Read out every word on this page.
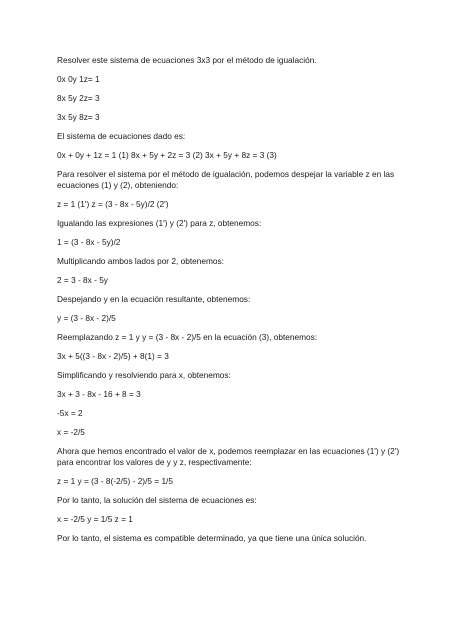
Resolver este sistema de ecuaciones 3x3 por el método de igualación.

0x 0y 1z= 1

8x 5y 2z= 3

3x 5y 8z= 3

El sistema de ecuaciones dado es:

0x + 0y + 1z = 1 (1) 8x + 5y + 2z = 3 (2) 3x + 5y + 8z = 3 (3)

Para resolver el sistema por el método de igualación, podemos despejar la variable z en las ecuaciones (1) y (2), obteniendo:

z = 1 (1') z = (3 - 8x - 5y)/2 (2')

Igualando las expresiones (1') y (2') para z, obtenemos:

1 = (3 - 8x - 5y)/2

Multiplicando ambos lados por 2, obtenemos:

2 = 3 - 8x - 5y

Despejando y en la ecuación resultante, obtenemos:

y = (3 - 8x - 2)/5

Reemplazando z = 1 y y = (3 - 8x - 2)/5 en la ecuación (3), obtenemos:

3x + 5((3 - 8x - 2)/5) + 8(1) = 3

Simplificando y resolviendo para x, obtenemos:

3x + 3 - 8x - 16 + 8 = 3

-5x = 2

x = -2/5

Ahora que hemos encontrado el valor de x, podemos reemplazar en las ecuaciones (1') y (2') para encontrar los valores de y y z, respectivamente:

z = 1 y = (3 - 8(-2/5) - 2)/5 = 1/5

Por lo tanto, la solución del sistema de ecuaciones es:

x = -2/5 y = 1/5 z = 1

Por lo tanto, el sistema es compatible determinado, ya que tiene una única solución.
